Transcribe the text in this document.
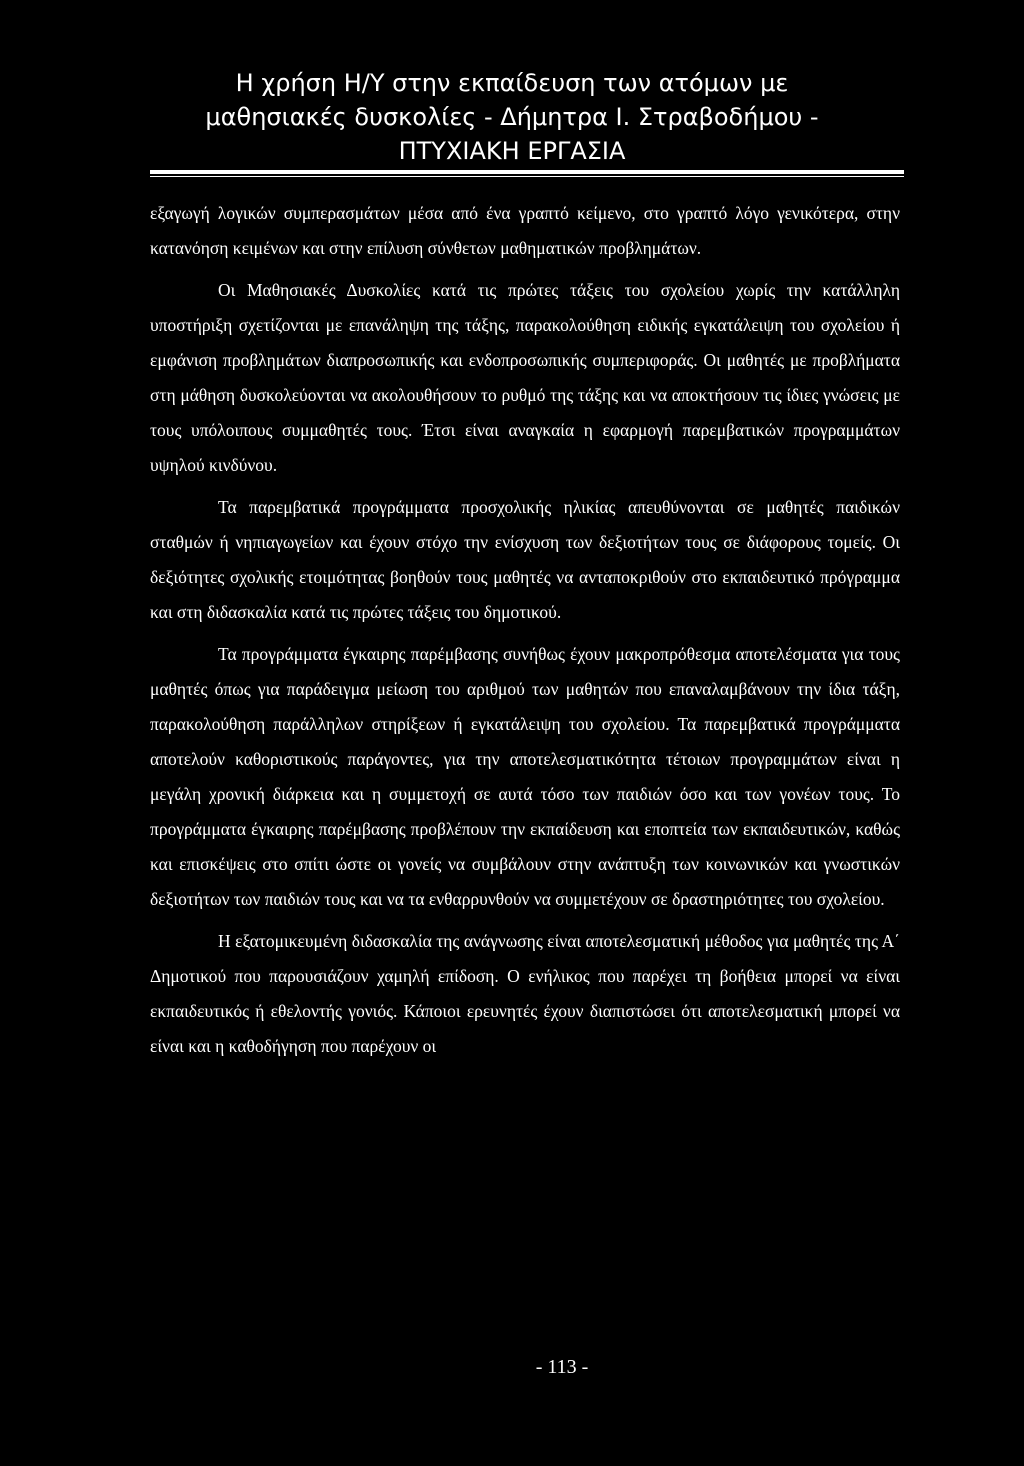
Η χρήση Η/Υ στην εκπαίδευση των ατόμων με
μαθησιακές δυσκολίες - Δήμητρα Ι. Στραβοδήμου -
ΠΤΥΧΙΑΚΗ ΕΡΓΑΣΙΑ

εξαγωγή λογικών συμπερασμάτων μέσα από ένα γραπτό κείμενο, στο γραπτό λόγο γενικότερα, στην κατανόηση κειμένων και στην επίλυση σύνθετων μαθηματικών προβλημάτων.

Οι Μαθησιακές Δυσκολίες κατά τις πρώτες τάξεις του σχολείου χωρίς την κατάλληλη υποστήριξη σχετίζονται με επανάληψη της τάξης, παρακολούθηση ειδικής εγκατάλειψη του σχολείου ή εμφάνιση προβλημάτων διαπροσωπικής και ενδοπροσωπικής συμπεριφοράς. Οι μαθητές με προβλήματα στη μάθηση δυσκολεύονται να ακολουθήσουν το ρυθμό της τάξης και να αποκτήσουν τις ίδιες γνώσεις με τους υπόλοιπους συμμαθητές τους. Έτσι είναι αναγκαία η εφαρμογή παρεμβατικών προγραμμάτων υψηλού κινδύνου.

Τα παρεμβατικά προγράμματα προσχολικής ηλικίας απευθύνονται σε μαθητές παιδικών σταθμών ή νηπιαγωγείων και έχουν στόχο την ενίσχυση των δεξιοτήτων τους σε διάφορους τομείς. Οι δεξιότητες σχολικής ετοιμότητας βοηθούν τους μαθητές να ανταποκριθούν στο εκπαιδευτικό πρόγραμμα και στη διδασκαλία κατά τις πρώτες τάξεις του δημοτικού.

Τα προγράμματα έγκαιρης παρέμβασης συνήθως έχουν μακροπρόθεσμα αποτελέσματα για τους μαθητές όπως για παράδειγμα μείωση του αριθμού των μαθητών που επαναλαμβάνουν την ίδια τάξη, παρακολούθηση παράλληλων στηρίξεων ή εγκατάλειψη του σχολείου. Τα παρεμβατικά προγράμματα αποτελούν καθοριστικούς παράγοντες, για την αποτελεσματικότητα τέτοιων προγραμμάτων είναι η μεγάλη χρονική διάρκεια και η συμμετοχή σε αυτά τόσο των παιδιών όσο και των γονέων τους. Το προγράμματα έγκαιρης παρέμβασης προβλέπουν την εκπαίδευση και εποπτεία των εκπαιδευτικών, καθώς και επισκέψεις στο σπίτι ώστε οι γονείς να συμβάλουν στην ανάπτυξη των κοινωνικών και γνωστικών δεξιοτήτων των παιδιών τους και να τα ενθαρρυνθούν να συμμετέχουν σε δραστηριότητες του σχολείου.

Η εξατομικευμένη διδασκαλία της ανάγνωσης είναι αποτελεσματική μέθοδος για μαθητές της Α΄ Δημοτικού που παρουσιάζουν χαμηλή επίδοση. Ο ενήλικος που παρέχει τη βοήθεια μπορεί να είναι εκπαιδευτικός ή εθελοντής γονιός. Κάποιοι ερευνητές έχουν διαπιστώσει ότι αποτελεσματική μπορεί να είναι και η καθοδήγηση που παρέχουν οι

- 113 -
